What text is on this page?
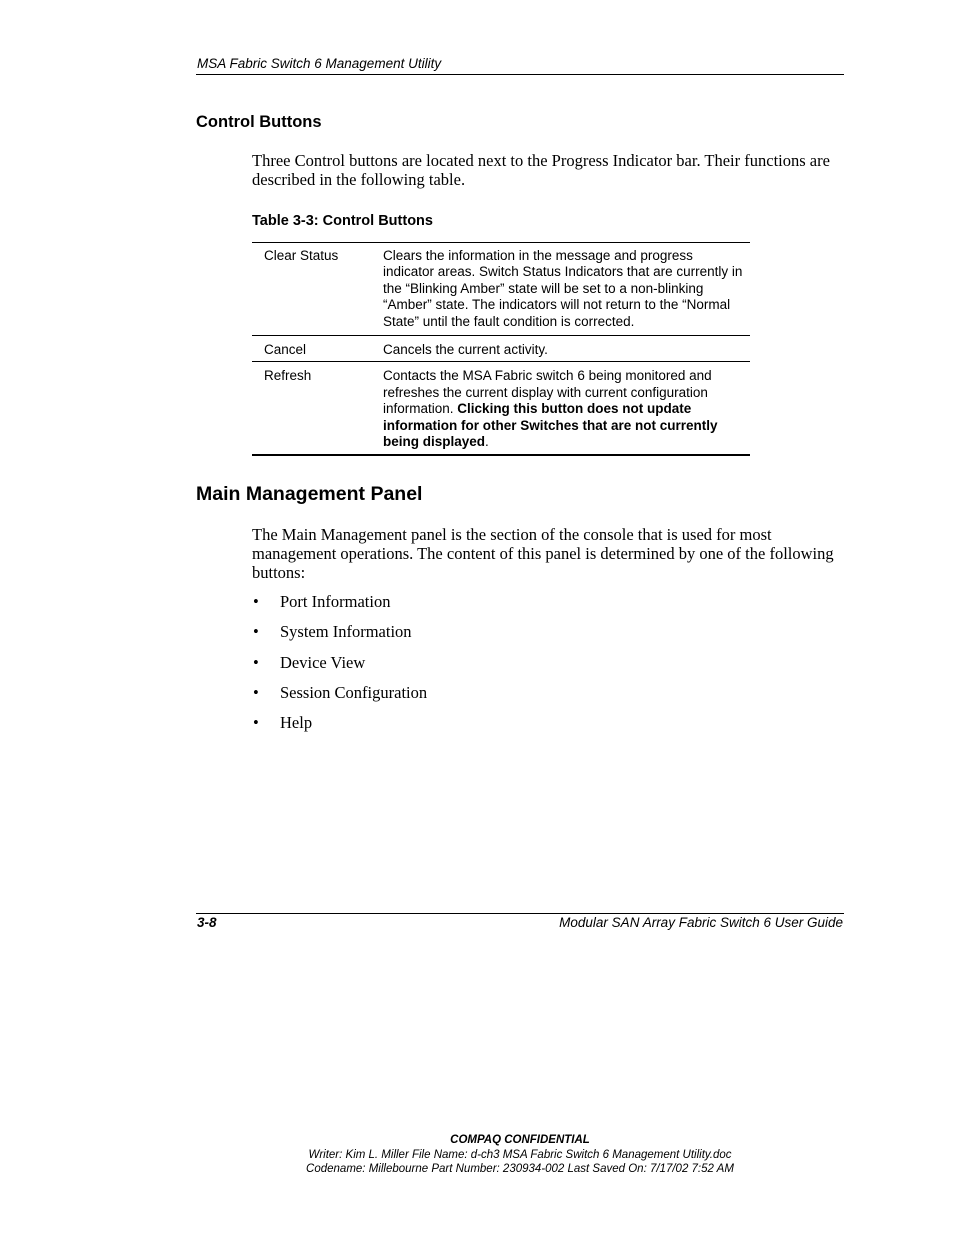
MSA Fabric Switch 6 Management Utility
Control Buttons
Three Control buttons are located next to the Progress Indicator bar. Their functions are described in the following table.
Table 3-3: Control Buttons
Clear Status	Clears the information in the message and progress indicator areas. Switch Status Indicators that are currently in the “Blinking Amber” state will be set to a non-blinking “Amber” state. The indicators will not return to the “Normal State” until the fault condition is corrected.
Cancel	Cancels the current activity.
Refresh	Contacts the MSA Fabric switch 6 being monitored and refreshes the current display with current configuration information. Clicking this button does not update information for other Switches that are not currently being displayed.
Main Management Panel
The Main Management panel is the section of the console that is used for most management operations. The content of this panel is determined by one of the following buttons:
• Port Information
• System Information
• Device View
• Session Configuration
• Help
3-8	Modular SAN Array Fabric Switch 6 User Guide
COMPAQ CONFIDENTIAL
Writer: Kim L. Miller File Name: d-ch3 MSA Fabric Switch 6 Management Utility.doc
Codename: Millebourne Part Number: 230934-002 Last Saved On: 7/17/02 7:52 AM
